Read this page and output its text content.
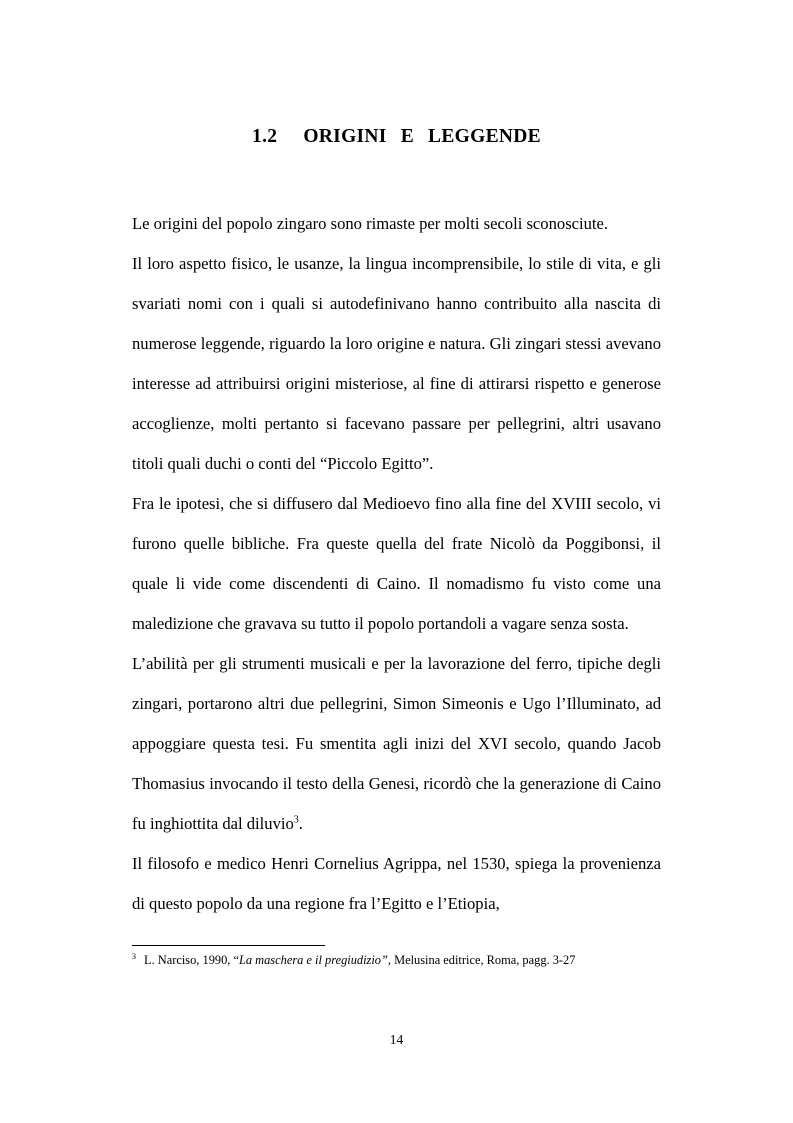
1.2 ORIGINI E LEGGENDE

Le origini del popolo zingaro sono rimaste per molti secoli sconosciute.

Il loro aspetto fisico, le usanze, la lingua incomprensibile, lo stile di vita, e gli svariati nomi con i quali si autodefinivano hanno contribuito alla nascita di numerose leggende, riguardo la loro origine e natura. Gli zingari stessi avevano interesse ad attribuirsi origini misteriose, al fine di attirarsi rispetto e generose accoglienze, molti pertanto si facevano passare per pellegrini, altri usavano titoli quali duchi o conti del “Piccolo Egitto”.

Fra le ipotesi, che si diffusero dal Medioevo fino alla fine del XVIII secolo, vi furono quelle bibliche. Fra queste quella del frate Nicolò da Poggibonsi, il quale li vide come discendenti di Caino. Il nomadismo fu visto come una maledizione che gravava su tutto il popolo portandoli a vagare senza sosta.

L’abilità per gli strumenti musicali e per la lavorazione del ferro, tipiche degli zingari, portarono altri due pellegrini, Simon Simeonis e Ugo l’Illuminato, ad appoggiare questa tesi. Fu smentita agli inizi del XVI secolo, quando Jacob Thomasius invocando il testo della Genesi, ricordò che la generazione di Caino fu inghiottita dal diluvio$^3$.

Il filosofo e medico Henri Cornelius Agrippa, nel 1530, spiega la provenienza di questo popolo da una regione fra l’Egitto e l’Etiopia,

$^3$ L. Narciso, 1990, “La maschera e il pregiudizio”, Melusina editrice, Roma, pagg. 3-27
14
